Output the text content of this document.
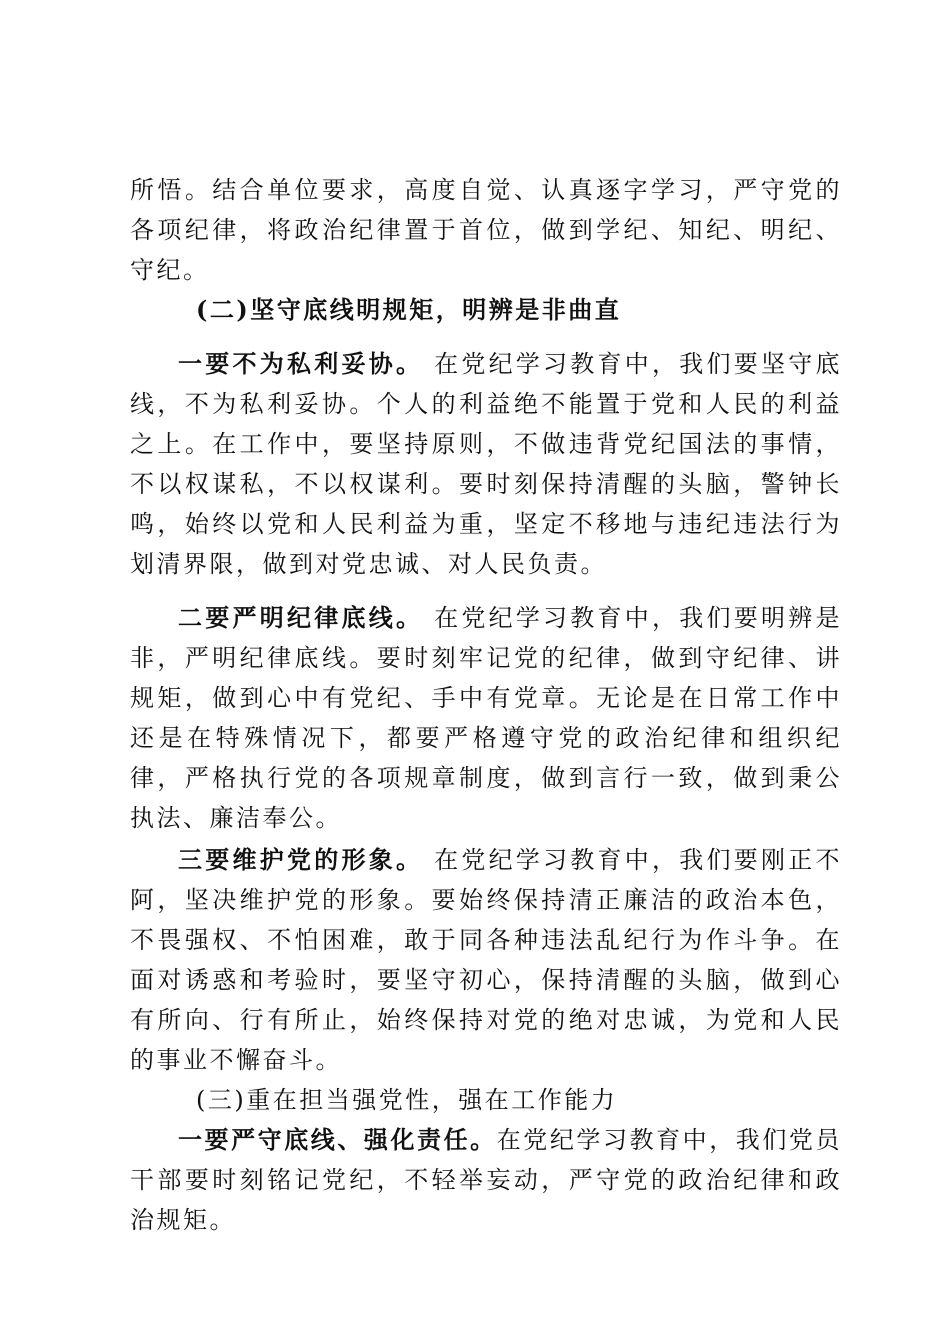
所悟。结合单位要求，高度自觉、认真逐字学习，严守党的各项纪律，将政治纪律置于首位，做到学纪、知纪、明纪、守纪。

(二)坚守底线明规矩，明辨是非曲直

一要不为私利妥协。 在党纪学习教育中，我们要坚守底线，不为私利妥协。个人的利益绝不能置于党和人民的利益之上。在工作中，要坚持原则，不做违背党纪国法的事情，不以权谋私，不以权谋利。要时刻保持清醒的头脑，警钟长鸣，始终以党和人民利益为重，坚定不移地与违纪违法行为划清界限，做到对党忠诚、对人民负责。

二要严明纪律底线。 在党纪学习教育中，我们要明辨是非，严明纪律底线。要时刻牢记党的纪律，做到守纪律、讲规矩，做到心中有党纪、手中有党章。无论是在日常工作中还是在特殊情况下，都要严格遵守党的政治纪律和组织纪律，严格执行党的各项规章制度，做到言行一致，做到秉公执法、廉洁奉公。

三要维护党的形象。 在党纪学习教育中，我们要刚正不阿，坚决维护党的形象。要始终保持清正廉洁的政治本色，不畏强权、不怕困难，敢于同各种违法乱纪行为作斗争。在面对诱惑和考验时，要坚守初心，保持清醒的头脑，做到心有所向、行有所止，始终保持对党的绝对忠诚，为党和人民的事业不懈奋斗。

(三)重在担当强党性，强在工作能力

一要严守底线、强化责任。在党纪学习教育中，我们党员干部要时刻铭记党纪，不轻举妄动，严守党的政治纪律和政治规矩。
